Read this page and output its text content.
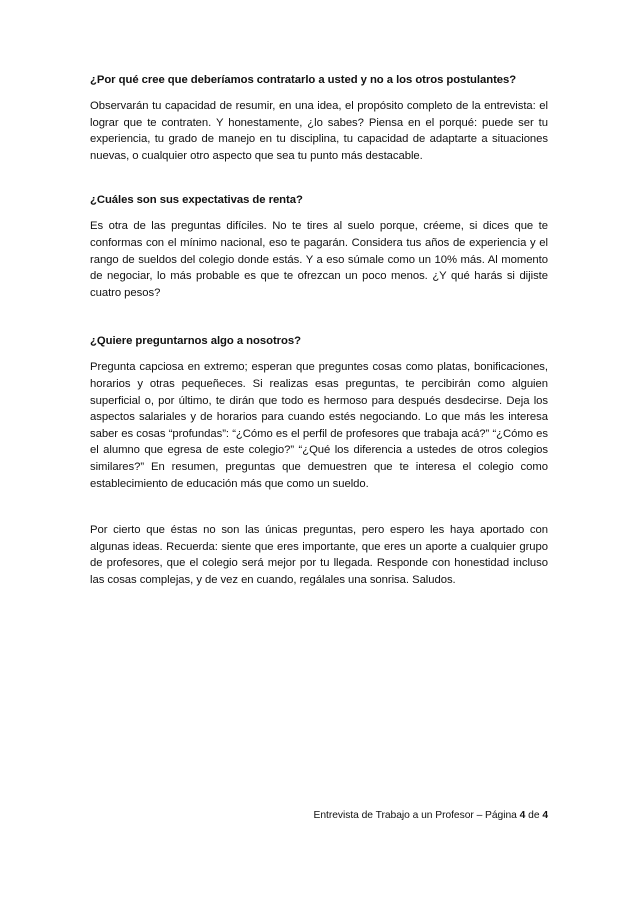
¿Por qué cree que deberíamos contratarlo a usted y no a los otros postulantes?

Observarán tu capacidad de resumir, en una idea, el propósito completo de la entrevista: el lograr que te contraten. Y honestamente, ¿lo sabes? Piensa en el porqué: puede ser tu experiencia, tu grado de manejo en tu disciplina, tu capacidad de adaptarte a situaciones nuevas, o cualquier otro aspecto que sea tu punto más destacable.

¿Cuáles son sus expectativas de renta?

Es otra de las preguntas difíciles. No te tires al suelo porque, créeme, si dices que te conformas con el mínimo nacional, eso te pagarán. Considera tus años de experiencia y el rango de sueldos del colegio donde estás. Y a eso súmale como un 10% más. Al momento de negociar, lo más probable es que te ofrezcan un poco menos. ¿Y qué harás si dijiste cuatro pesos?

¿Quiere preguntarnos algo a nosotros?

Pregunta capciosa en extremo; esperan que preguntes cosas como platas, bonificaciones, horarios y otras pequeñeces. Si realizas esas preguntas, te percibirán como alguien superficial o, por último, te dirán que todo es hermoso para después desdecirse. Deja los aspectos salariales y de horarios para cuando estés negociando. Lo que más les interesa saber es cosas “profundas”: “¿Cómo es el perfil de profesores que trabaja acá?” “¿Cómo es el alumno que egresa de este colegio?” “¿Qué los diferencia a ustedes de otros colegios similares?” En resumen, preguntas que demuestren que te interesa el colegio como establecimiento de educación más que como un sueldo.

Por cierto que éstas no son las únicas preguntas, pero espero les haya aportado con algunas ideas. Recuerda: siente que eres importante, que eres un aporte a cualquier grupo de profesores, que el colegio será mejor por tu llegada. Responde con honestidad incluso las cosas complejas, y de vez en cuando, regálales una sonrisa. Saludos.

Entrevista de Trabajo a un Profesor – Página 4 de 4
